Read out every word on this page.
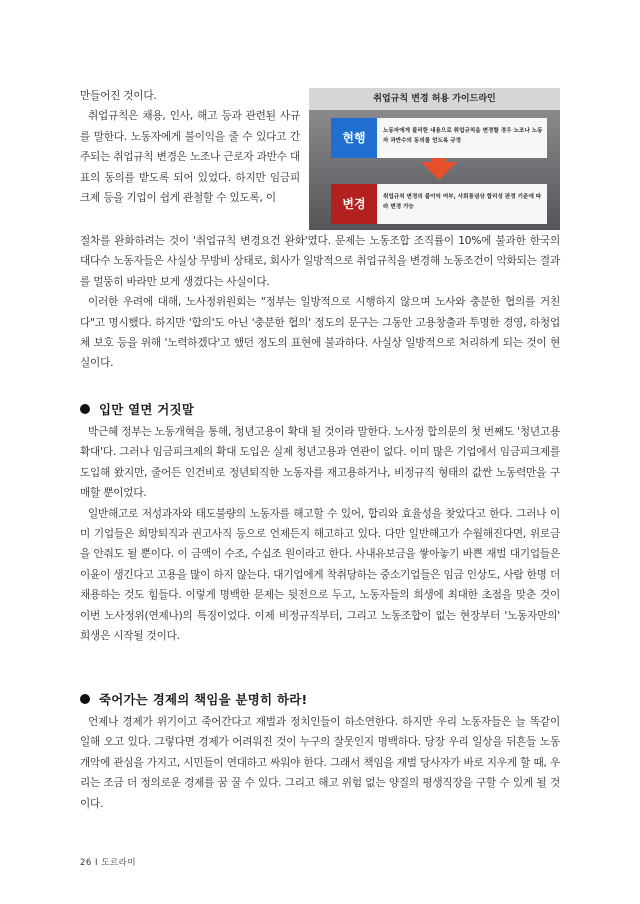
만들어진 것이다.

취업규칙은 채용, 인사, 해고 등과 관련된 사규를 말한다. 노동자에게 불이익을 줄 수 있다고 간주되는 취업규칙 변경은 노조나 근로자 과반수 대표의 동의를 받도록 되어 있었다. 하지만 임금피크제 등을 기업이 쉽게 관철할 수 있도록, 이

취업규칙 변경 허용 가이드라인
현행	노동자에게 불리한 내용으로 취업규칙을 변경할 경우 노조나 노동자 과반수의 동의를 얻도록 규정
변경	취업규칙 변경의 불이익 여부, 사회통념상 합리성 판정 기준에 따라 변경 가능

절차를 완화하려는 것이 '취업규칙 변경요건 완화'였다. 문제는 노동조합 조직률이 10%에 불과한 한국의 대다수 노동자들은 사실상 무방비 상태로, 회사가 일방적으로 취업규칙을 변경해 노동조건이 악화되는 결과를 멀뚱히 바라만 보게 생겼다는 사실이다.

이러한 우려에 대해, 노사정위원회는 "정부는 일방적으로 시행하지 않으며 노사와 충분한 협의를 거친다"고 명시했다. 하지만 '합의'도 아닌 '충분한 협의' 정도의 문구는 그동안 고용창출과 투명한 경영, 하청업체 보호 등을 위해 '노력하겠다'고 했던 정도의 표현에 불과하다. 사실상 일방적으로 처리하게 되는 것이 현실이다.

입만 열면 거짓말

박근혜 정부는 노동개혁을 통해, 청년고용이 확대 될 것이라 말한다. 노사정 합의문의 첫 번째도 '청년고용확대'다. 그러나 임금피크제의 확대 도입은 실제 청년고용과 연관이 없다. 이미 많은 기업에서 임금피크제를 도입해 왔지만, 줄어든 인건비로 정년퇴직한 노동자를 재고용하거나, 비정규직 형태의 값싼 노동력만을 구매할 뿐이었다.

일반해고로 저성과자와 태도불량의 노동자를 해고할 수 있어, 합리와 효율성을 찾았다고 한다. 그러나 이미 기업들은 희망퇴직과 권고사직 등으로 언제든지 해고하고 있다. 다만 일반해고가 수월해진다면, 위로금을 안줘도 될 뿐이다. 이 금액이 수조, 수십조 원이라고 한다. 사내유보금을 쌓아놓기 바쁜 재벌 대기업들은 이윤이 생긴다고 고용을 많이 하지 않는다. 대기업에게 착취당하는 중소기업들은 임금 인상도, 사람 한명 더 채용하는 것도 힘들다. 이렇게 명백한 문제는 뒷전으로 두고, 노동자들의 희생에 최대한 초점을 맞춘 것이 이번 노사정위(연제나)의 특징이었다. 이제 비정규직부터, 그리고 노동조합이 없는 현장부터 '노동자만의' 희생은 시작될 것이다.

죽어가는 경제의 책임을 분명히 하라!

언제나 경제가 위기이고 죽어간다고 재벌과 정치인들이 하소연한다. 하지만 우리 노동자들은 늘 똑같이 일해 오고 있다. 그렇다면 경제가 어려워진 것이 누구의 잘못인지 명백하다. 당장 우리 일상을 뒤흔들 노동개악에 관심을 가지고, 시민들이 연대하고 싸워야 한다. 그래서 책임을 재벌 당사자가 바로 지우게 할 때, 우리는 조금 더 정의로운 경제를 꿈 꿀 수 있다. 그리고 해고 위험 없는 양질의 평생직장을 구할 수 있게 될 것이다.

26 I 도르라미
